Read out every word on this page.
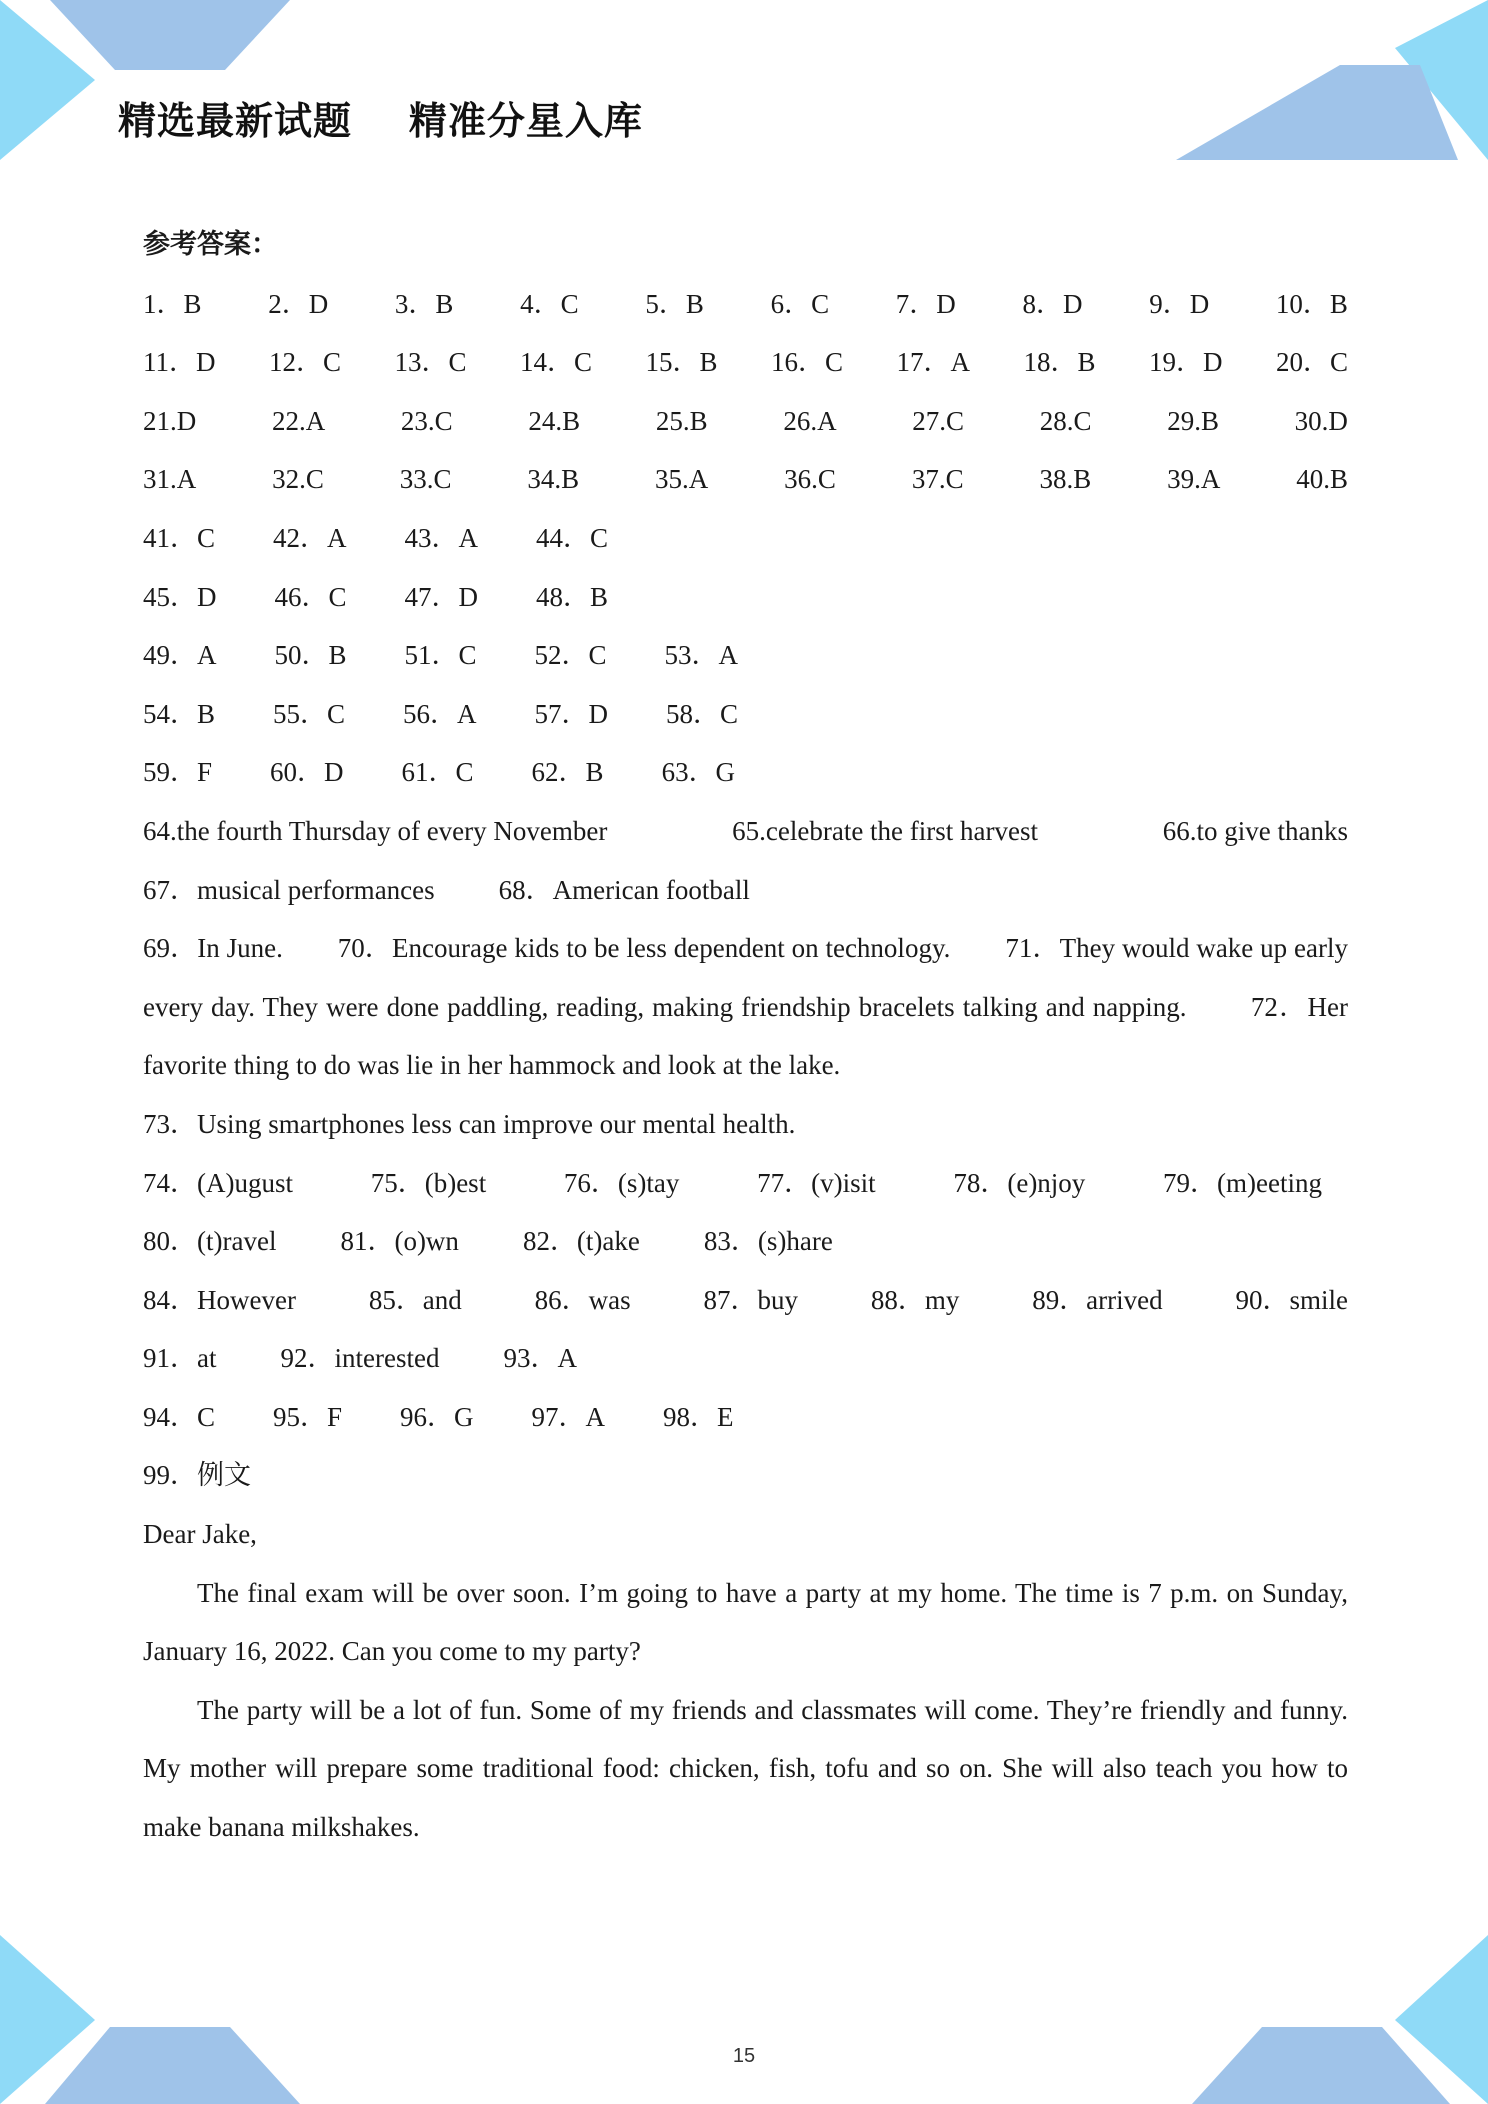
精选最新试题    精准分星入库
参考答案：
1．B 2．D 3．B 4．C 5．B 6．C 7．D 8．D 9．D 10．B
11．D 12．C 13．C 14．C 15．B 16．C 17．A 18．B 19．D 20．C
21.D	22.A	23.C	24.B	25.B	26.A	27.C	28.C	29.B	30.D
31.A	32.C	33.C	34.B	35.A	36.C	37.C	38.B	39.A	40.B
41．C 42．A 43．A 44．C
45．D 46．C 47．D 48．B
49．A 50．B 51．C 52．C 53．A
54．B 55．C 56．A 57．D 58．C
59．F 60．D 61．C 62．B 63．G
64.the fourth Thursday of every November	65.celebrate the first harvest	66.to give thanks
67．musical performances 68．American football
69．In June.        70．Encourage kids to be less dependent on technology.        71．They would wake up early every day. They were done paddling, reading, making friendship bracelets talking and napping.        72．Her favorite thing to do was lie in her hammock and look at the lake.
73．Using smartphones less can improve our mental health.
74．(A)ugust	75．(b)est	76．(s)tay	77．(v)isit	78．(e)njoy	79．(m)eeting
80．(t)ravel 81．(o)wn 82．(t)ake 83．(s)hare
84．However	85．and	86．was	87．buy	88．my	89．arrived	90．smile
91．at 92．interested 93．A
94．C 95．F 96．G 97．A 98．E
99．例文
Dear Jake,
The final exam will be over soon. I’m going to have a party at my home. The time is 7 p.m. on Sunday, January 16, 2022. Can you come to my party?
The party will be a lot of fun. Some of my friends and classmates will come. They’re friendly and funny. My mother will prepare some traditional food: chicken, fish, tofu and so on. She will also teach you how to make banana milkshakes.
15
